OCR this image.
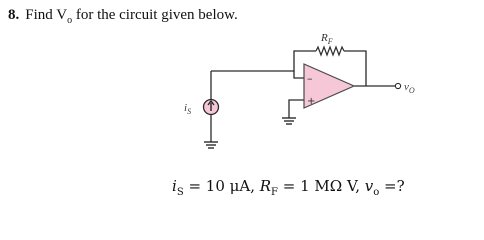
8. Find $V_o$ for the circuit given below.
–
+
$R_F$
$i_S$
$v_O$
$i_S = 10$ μA, $R_F = 1$ MΩ V, $v_o$ =?
